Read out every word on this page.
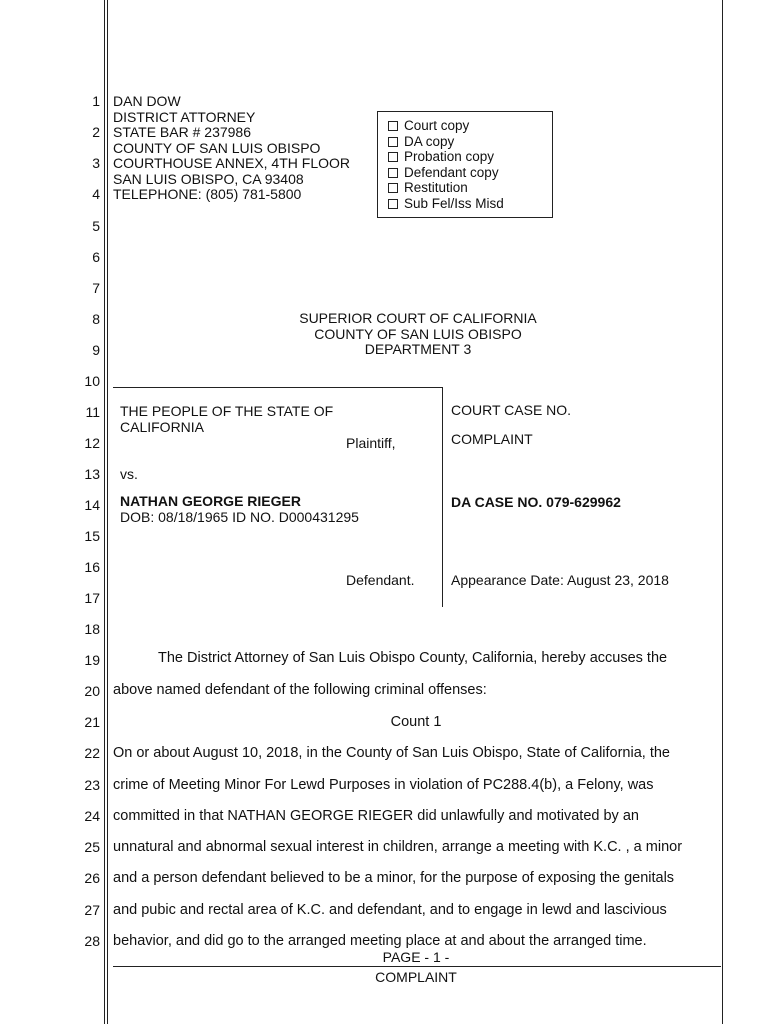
1
2
3
4
5
6
7
8
9
10
11
12
13
14
15
16
17
18
19
20
21
22
23
24
25
26
27
28
DAN DOW
DISTRICT ATTORNEY
STATE BAR # 237986
COUNTY OF SAN LUIS OBISPO
COURTHOUSE ANNEX, 4TH FLOOR
SAN LUIS OBISPO, CA 93408
TELEPHONE: (805) 781-5800
Court copy
DA copy
Probation copy
Defendant copy
Restitution
Sub Fel/Iss Misd
SUPERIOR COURT OF CALIFORNIA
COUNTY OF SAN LUIS OBISPO
DEPARTMENT 3
THE PEOPLE OF THE STATE OF
CALIFORNIA
Plaintiff,
vs.
NATHAN GEORGE RIEGER
DOB: 08/18/1965 ID NO. D000431295
Defendant.
COURT CASE NO.
COMPLAINT
DA CASE NO. 079-629962
Appearance Date: August 23, 2018
The District Attorney of San Luis Obispo County, California, hereby accuses the
above named defendant of the following criminal offenses:
Count 1
On or about August 10, 2018, in the County of San Luis Obispo, State of California, the
crime of Meeting Minor For Lewd Purposes in violation of PC288.4(b), a Felony, was
committed in that NATHAN GEORGE RIEGER did unlawfully and motivated by an
unnatural and abnormal sexual interest in children, arrange a meeting with K.C. , a minor
and a person defendant believed to be a minor, for the purpose of exposing the genitals
and pubic and rectal area of K.C. and defendant, and to engage in lewd and lascivious
behavior, and did go to the arranged meeting place at and about the arranged time.
PAGE - 1 -
COMPLAINT
